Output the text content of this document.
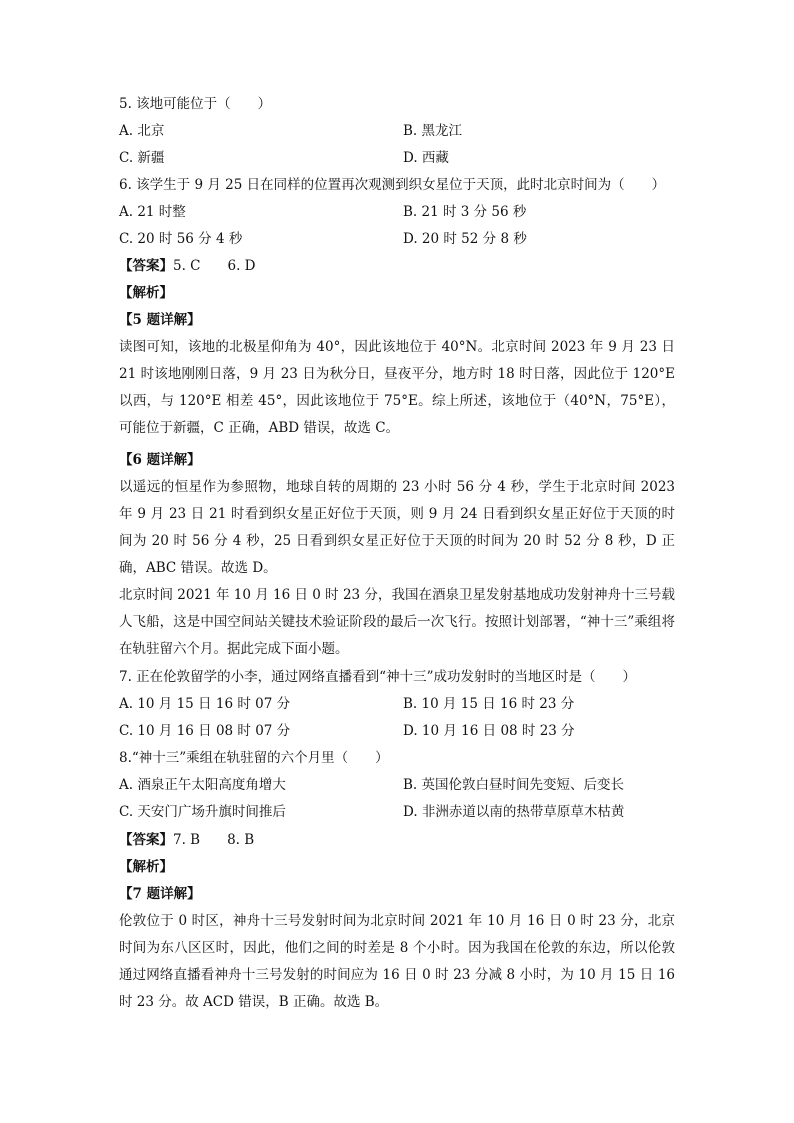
5. 该地可能位于（　　）
A. 北京	B. 黑龙江
C. 新疆	D. 西藏
6. 该学生于 9 月 25 日在同样的位置再次观测到织女星位于天顶，此时北京时间为（　　）
A. 21 时整	B. 21 时 3 分 56 秒
C. 20 时 56 分 4 秒	D. 20 时 52 分 8 秒
【答案】5. C　　6. D
【解析】
【5 题详解】
读图可知，该地的北极星仰角为 40°，因此该地位于 40°N。北京时间 2023 年 9 月 23 日 21 时该地刚刚日落，9 月 23 日为秋分日，昼夜平分，地方时 18 时日落，因此位于 120°E 以西，与 120°E 相差 45°，因此该地位于 75°E。综上所述，该地位于（40°N，75°E），可能位于新疆，C 正确，ABD 错误，故选 C。
【6 题详解】
以遥远的恒星作为参照物，地球自转的周期的 23 小时 56 分 4 秒，学生于北京时间 2023 年 9 月 23 日 21 时看到织女星正好位于天顶，则 9 月 24 日看到织女星正好位于天顶的时间为 20 时 56 分 4 秒，25 日看到织女星正好位于天顶的时间为 20 时 52 分 8 秒，D 正确，ABC 错误。故选 D。
北京时间 2021 年 10 月 16 日 0 时 23 分，我国在酒泉卫星发射基地成功发射神舟十三号载人飞船，这是中国空间站关键技术验证阶段的最后一次飞行。按照计划部署，“神十三”乘组将在轨驻留六个月。据此完成下面小题。
7. 正在伦敦留学的小李，通过网络直播看到“神十三”成功发射时的当地区时是（　　）
A. 10 月 15 日 16 时 07 分	B. 10 月 15 日 16 时 23 分
C. 10 月 16 日 08 时 07 分	D. 10 月 16 日 08 时 23 分
8.“神十三”乘组在轨驻留的六个月里（　　）
A. 酒泉正午太阳高度角增大	B. 英国伦敦白昼时间先变短、后变长
C. 天安门广场升旗时间推后	D. 非洲赤道以南的热带草原草木枯黄
【答案】7. B　　8. B
【解析】
【7 题详解】
伦敦位于 0 时区，神舟十三号发射时间为北京时间 2021 年 10 月 16 日 0 时 23 分，北京时间为东八区区时，因此，他们之间的时差是 8 个小时。因为我国在伦敦的东边，所以伦敦通过网络直播看神舟十三号发射的时间应为 16 日 0 时 23 分减 8 小时，为 10 月 15 日 16 时 23 分。故 ACD 错误，B 正确。故选 B。
